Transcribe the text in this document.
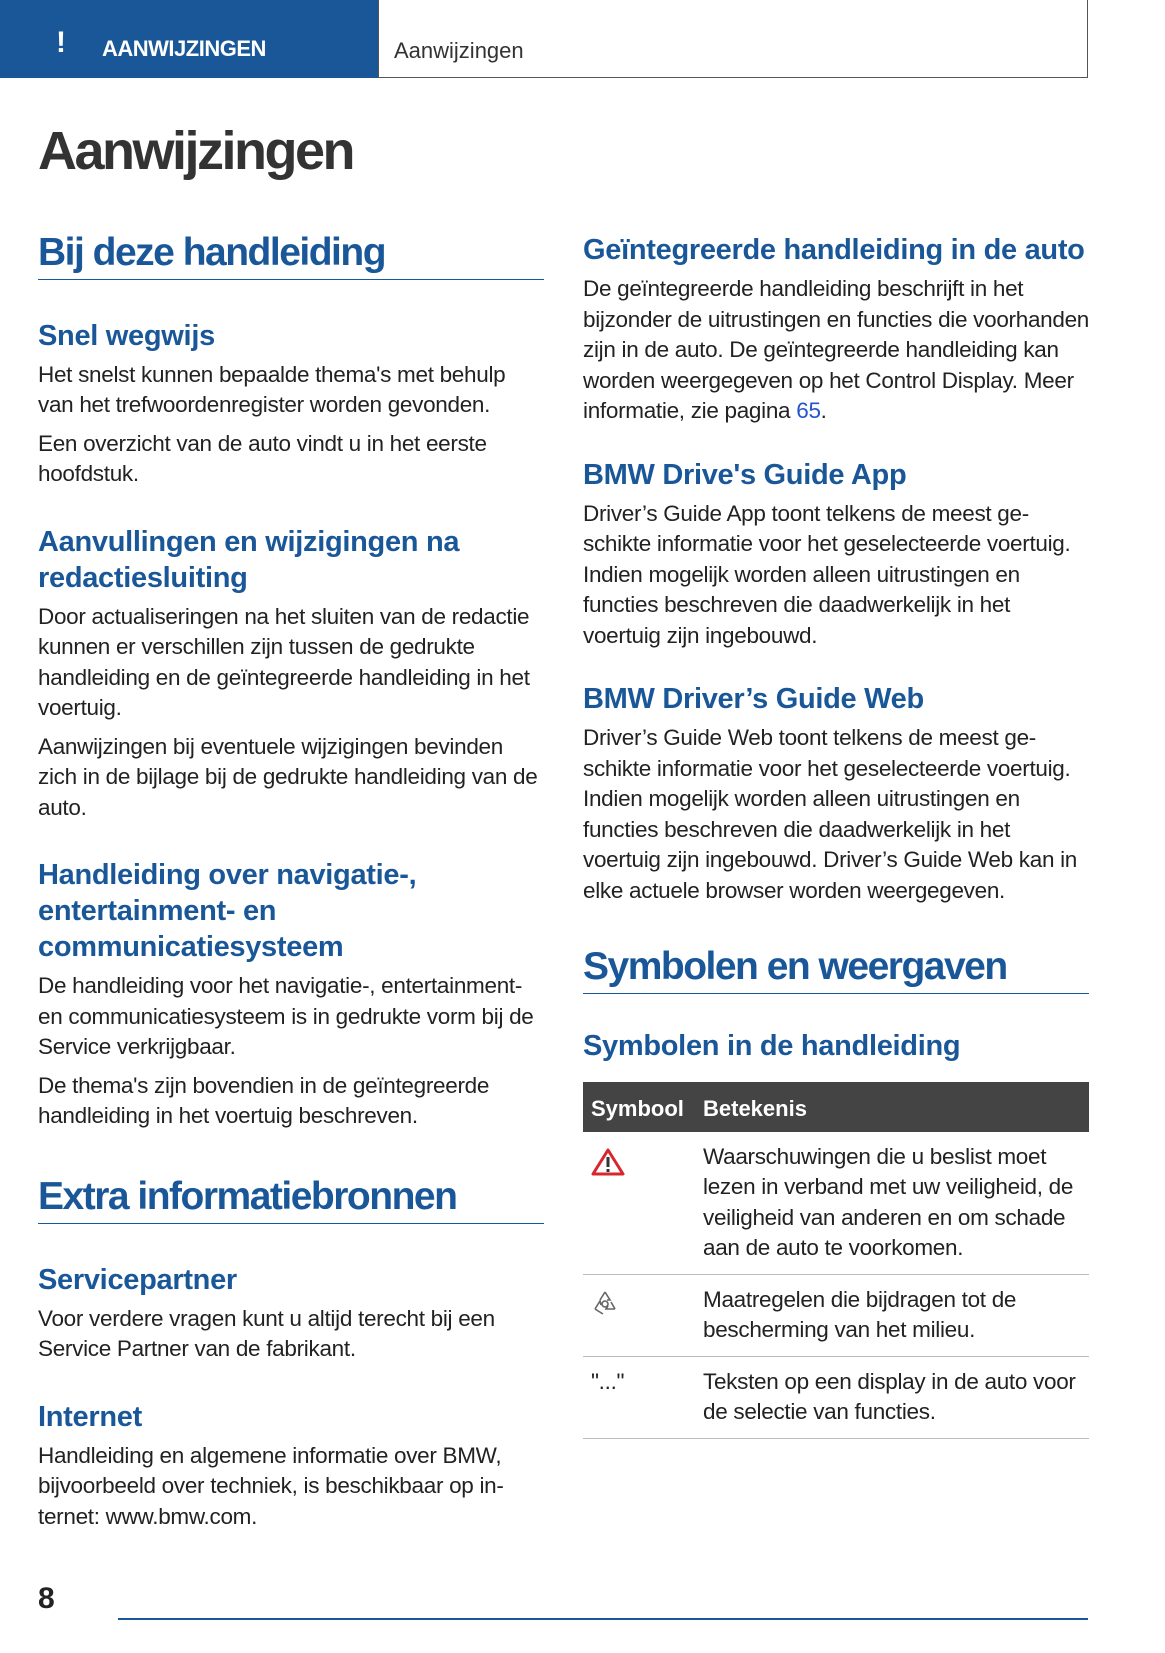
! AANWIJZINGEN	Aanwijzingen
Aanwijzingen
Bij deze handleiding
Snel wegwijs

Het snelst kunnen bepaalde thema's met behulp van het trefwoordenregister worden gevonden.

Een overzicht van de auto vindt u in het eerste hoofdstuk.

Aanvullingen en wijzigingen na redactiesluiting

Door actualiseringen na het sluiten van de redactie kunnen er verschillen zijn tussen de gedrukte handleiding en de geïntegreerde handleiding in het voertuig.

Aanwijzingen bij eventuele wijzigingen bevinden zich in de bijlage bij de gedrukte handleiding van de auto.

Handleiding over navigatie-, entertainment- en communicatiesysteem

De handleiding voor het navigatie-, entertainment- en communicatiesysteem is in gedrukte vorm bij de Service verkrijgbaar.

De thema's zijn bovendien in de geïntegreerde handleiding in het voertuig beschreven.

Extra informatiebronnen
Servicepartner

Voor verdere vragen kunt u altijd terecht bij een Service Partner van de fabrikant.

Internet

Handleiding en algemene informatie over BMW, bijvoorbeeld over techniek, is beschikbaar op internet: www.bmw.com.

Geïntegreerde handleiding in de auto

De geïntegreerde handleiding beschrijft in het bijzonder de uitrustingen en functies die voorhanden zijn in de auto. De geïntegreerde handleiding kan worden weergegeven op het Control Display. Meer informatie, zie pagina 65.

BMW Drive's Guide App

Driver’s Guide App toont telkens de meest geschikte informatie voor het geselecteerde voertuig. Indien mogelijk worden alleen uitrustingen en functies beschreven die daadwerkelijk in het voertuig zijn ingebouwd.

BMW Driver’s Guide Web

Driver’s Guide Web toont telkens de meest geschikte informatie voor het geselecteerde voertuig. Indien mogelijk worden alleen uitrustingen en functies beschreven die daadwerkelijk in het voertuig zijn ingebouwd. Driver’s Guide Web kan in elke actuele browser worden weergegeven.

Symbolen en weergaven
Symbolen in de handleiding
Symbool	Betekenis
	Waarschuwingen die u beslist moet lezen in verband met uw veiligheid, de veiligheid van anderen en om schade aan de auto te voorkomen.
	Maatregelen die bijdragen tot de bescherming van het milieu.
"..."	Teksten op een display in de auto voor de selectie van functies.
8
